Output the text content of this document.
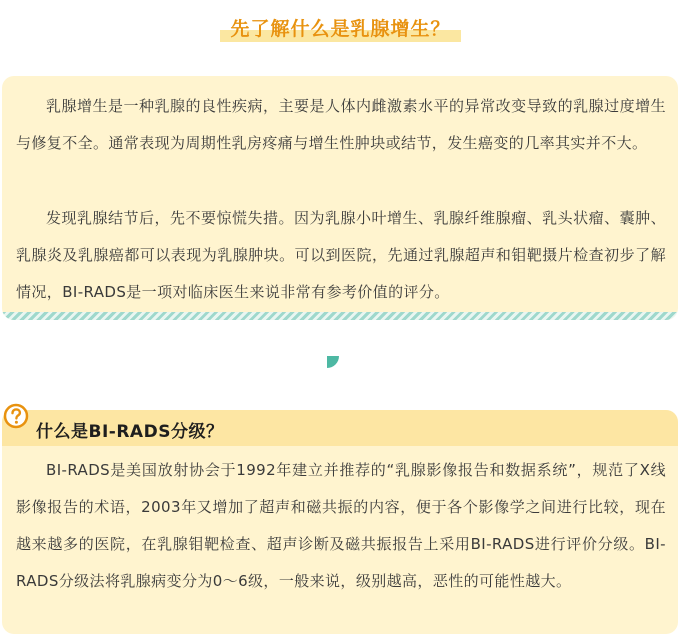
先了解什么是乳腺增生？
乳腺增生是一种乳腺的良性疾病，主要是人体内雌激素水平的异常改变导致的乳腺过度增生与修复不全。通常表现为周期性乳房疼痛与增生性肿块或结节，发生癌变的几率其实并不大。
发现乳腺结节后，先不要惊慌失措。因为乳腺小叶增生、乳腺纤维腺瘤、乳头状瘤、囊肿、乳腺炎及乳腺癌都可以表现为乳腺肿块。可以到医院，先通过乳腺超声和钼靶摄片检查初步了解情况，BI-RADS是一项对临床医生来说非常有参考价值的评分。
什么是BI-RADS分级？
BI-RADS是美国放射协会于1992年建立并推荐的“乳腺影像报告和数据系统”，规范了X线影像报告的术语，2003年又增加了超声和磁共振的内容，便于各个影像学之间进行比较，现在越来越多的医院，在乳腺钼靶检查、超声诊断及磁共振报告上采用BI-RADS进行评价分级。BI-RADS分级法将乳腺病变分为0～6级，一般来说，级别越高，恶性的可能性越大。
